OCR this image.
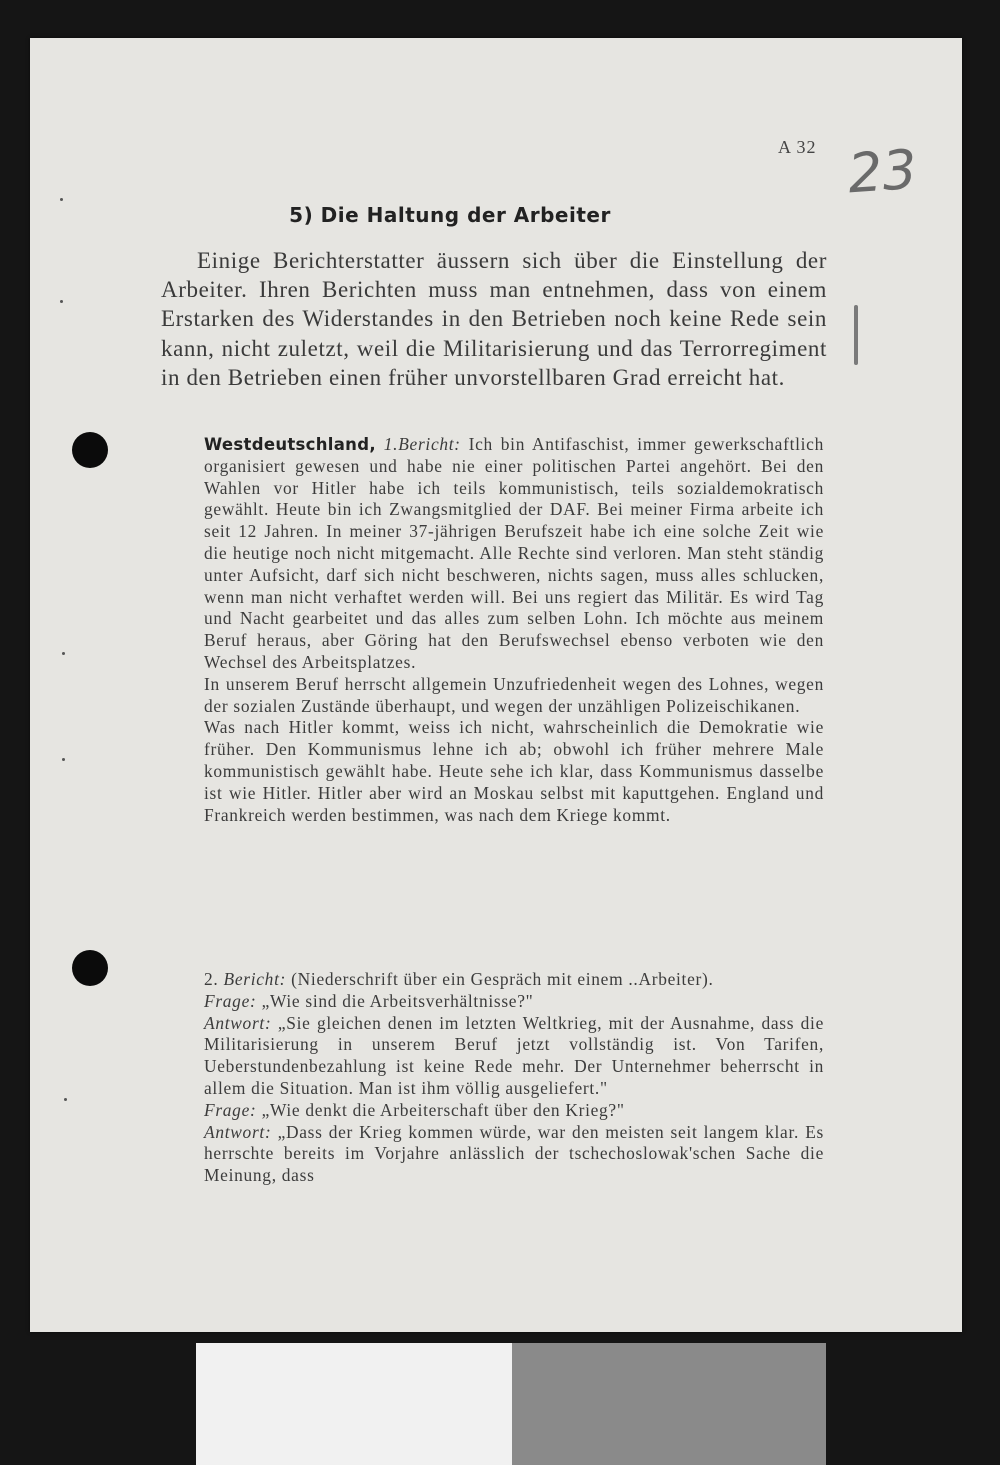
A 32 23
5) Die Haltung der Arbeiter

Einige Berichterstatter äussern sich über die Einstellung der Arbeiter. Ihren Berichten muss man entnehmen, dass von einem Erstarken des Widerstandes in den Betrieben noch keine Rede sein kann, nicht zuletzt, weil die Militarisierung und das Terrorregiment in den Betrieben einen früher unvorstellbaren Grad erreicht hat.

Westdeutschland, 1.Bericht: Ich bin Antifaschist, immer gewerkschaftlich organisiert gewesen und habe nie einer politischen Partei angehört. Bei den Wahlen vor Hitler habe ich teils kommunistisch, teils sozialdemokratisch gewählt. Heute bin ich Zwangsmitglied der DAF. Bei meiner Firma arbeite ich seit 12 Jahren. In meiner 37-jährigen Berufszeit habe ich eine solche Zeit wie die heutige noch nicht mitgemacht. Alle Rechte sind verloren. Man steht ständig unter Aufsicht, darf sich nicht beschweren, nichts sagen, muss alles schlucken, wenn man nicht verhaftet werden will. Bei uns regiert das Militär. Es wird Tag und Nacht gearbeitet und das alles zum selben Lohn. Ich möchte aus meinem Beruf heraus, aber Göring hat den Berufswechsel ebenso verboten wie den Wechsel des Arbeitsplatzes.

In unserem Beruf herrscht allgemein Unzufriedenheit wegen des Lohnes, wegen der sozialen Zustände überhaupt, und wegen der unzähligen Polizeischikanen.

Was nach Hitler kommt, weiss ich nicht, wahrscheinlich die Demokratie wie früher. Den Kommunismus lehne ich ab; obwohl ich früher mehrere Male kommunistisch gewählt habe. Heute sehe ich klar, dass Kommunismus dasselbe ist wie Hitler. Hitler aber wird an Moskau selbst mit kaputtgehen. England und Frankreich werden bestimmen, was nach dem Kriege kommt.

2. Bericht: (Niederschrift über ein Gespräch mit einem ..Arbeiter).

Frage: „Wie sind die Arbeitsverhältnisse?"

Antwort: „Sie gleichen denen im letzten Weltkrieg, mit der Ausnahme, dass die Militarisierung in unserem Beruf jetzt vollständig ist. Von Tarifen, Ueberstundenbezahlung ist keine Rede mehr. Der Unternehmer beherrscht in allem die Situation. Man ist ihm völlig ausgeliefert."

Frage: „Wie denkt die Arbeiterschaft über den Krieg?"

Antwort: „Dass der Krieg kommen würde, war den meisten seit langem klar. Es herrschte bereits im Vorjahre anlässlich der tschechoslowak'schen Sache die Meinung, dass
